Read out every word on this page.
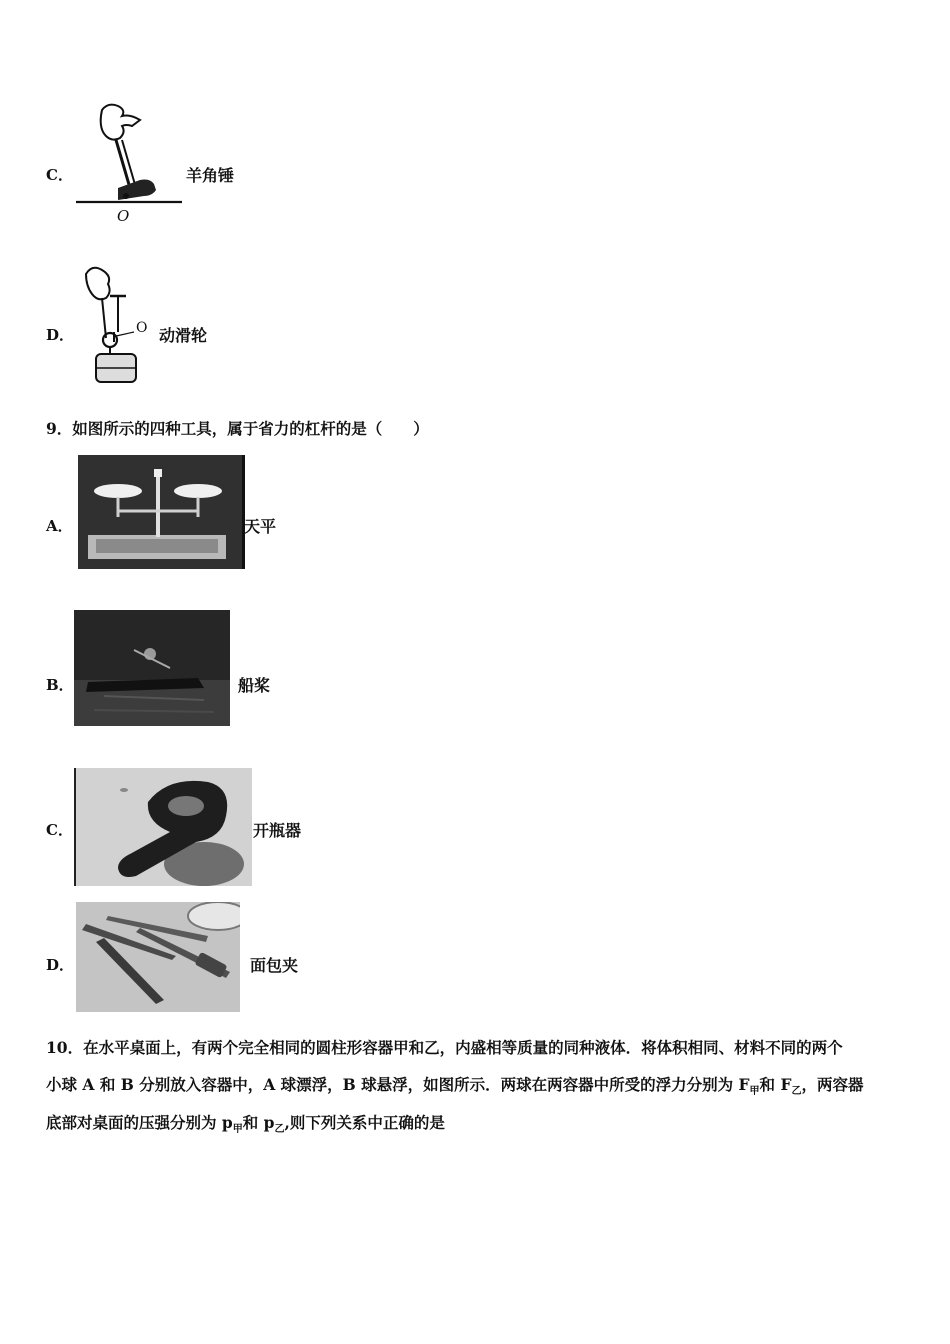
C．
O
羊角锤
D．	O 动滑轮
9．如图所示的四种工具，属于省力的杠杆的是（　　）
A．	天平
B．	船桨
C．	开瓶器
D．	面包夹
10．在水平桌面上，有两个完全相同的圆柱形容器甲和乙，内盛相等质量的同种液体．将体积相同、材料不同的两个
小球 A 和 B 分别放入容器中，A 球漂浮，B 球悬浮，如图所示．两球在两容器中所受的浮力分别为 $F_甲$和 $F_乙$，两容器
底部对桌面的压强分别为 $p_甲$和 $p_乙$,则下列关系中正确的是
